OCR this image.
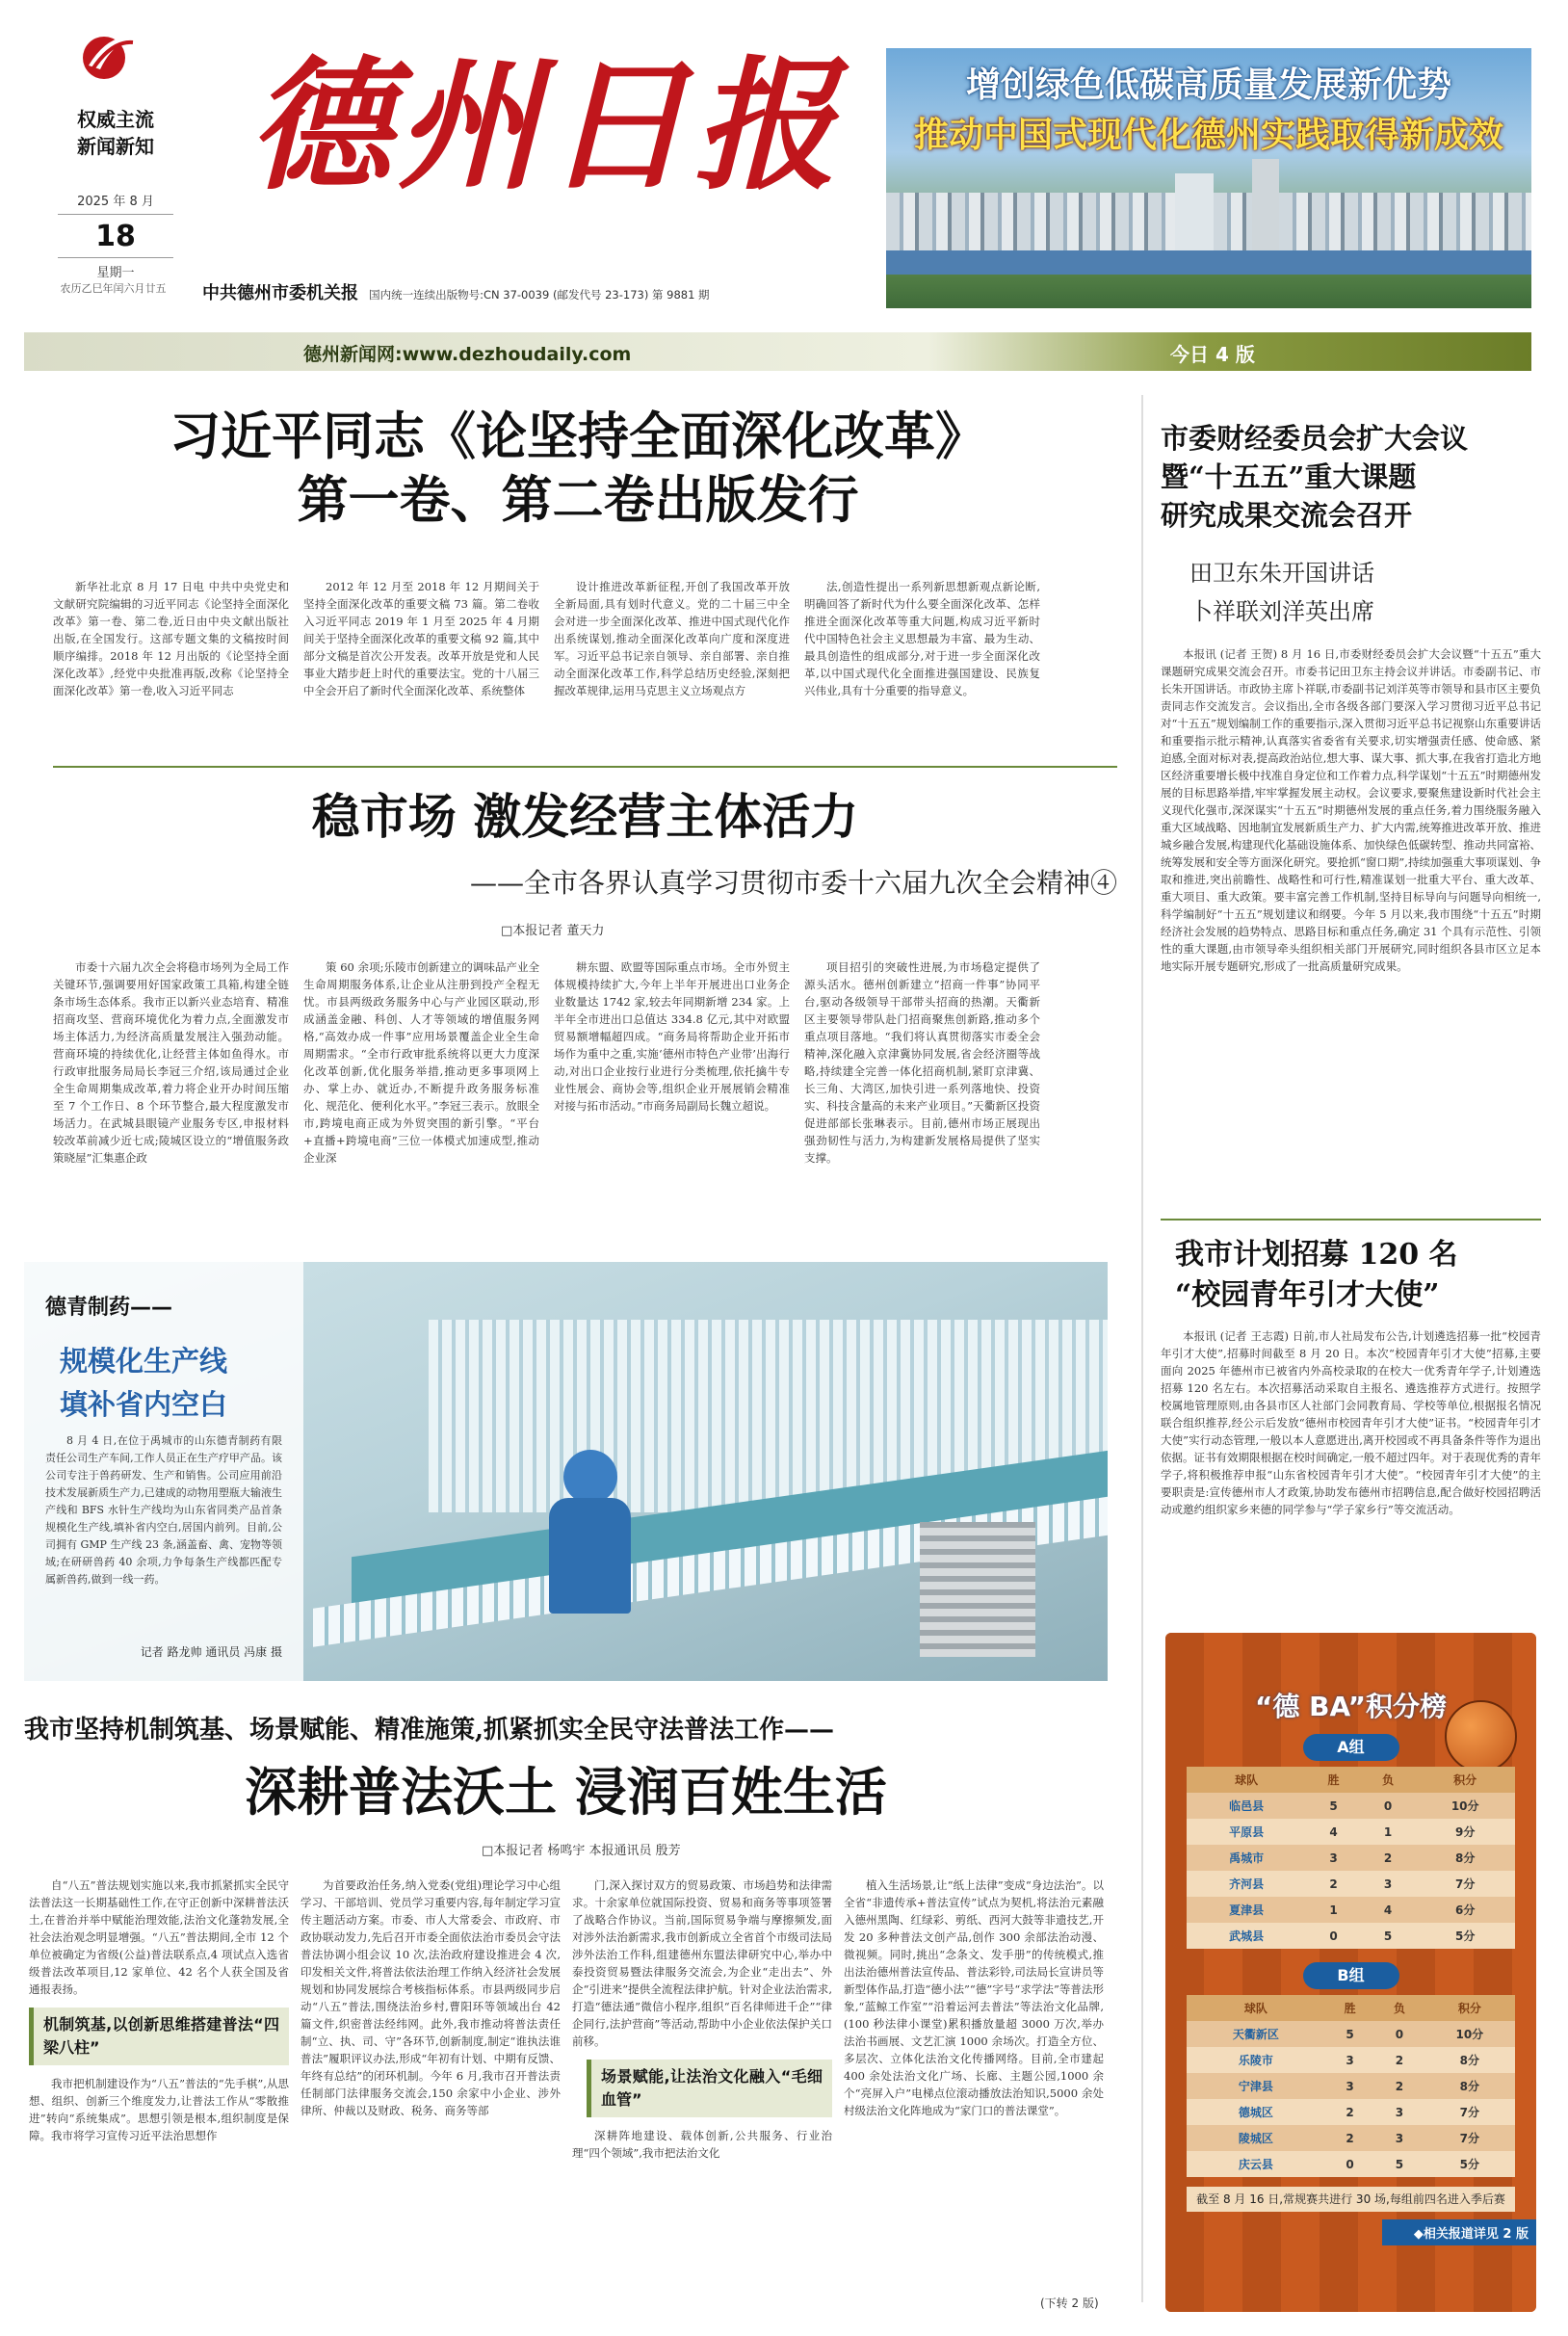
权威主流
新闻新知
2025 年 8 月
18
星期一
农历乙巳年闰六月廿五
德州日报
中共德州市委机关报 国内统一连续出版物号:CN 37-0039 (邮发代号 23-173) 第 9881 期
增创绿色低碳高质量发展新优势
推动中国式现代化德州实践取得新成效
德州新闻网:www.dezhoudaily.com	今日 4 版
习近平同志《论坚持全面深化改革》
第一卷、第二卷出版发行

新华社北京 8 月 17 日电 中共中央党史和文献研究院编辑的习近平同志《论坚持全面深化改革》第一卷、第二卷,近日由中央文献出版社出版,在全国发行。这部专题文集的文稿按时间顺序编排。2018 年 12 月出版的《论坚持全面深化改革》,经党中央批准再版,改称《论坚持全面深化改革》第一卷,收入习近平同志

2012 年 12 月至 2018 年 12 月期间关于坚持全面深化改革的重要文稿 73 篇。第二卷收入习近平同志 2019 年 1 月至 2025 年 4 月期间关于坚持全面深化改革的重要文稿 92 篇,其中部分文稿是首次公开发表。改革开放是党和人民事业大踏步赶上时代的重要法宝。党的十八届三中全会开启了新时代全面深化改革、系统整体

设计推进改革新征程,开创了我国改革开放全新局面,具有划时代意义。党的二十届三中全会对进一步全面深化改革、推进中国式现代化作出系统谋划,推动全面深化改革向广度和深度进军。习近平总书记亲自领导、亲自部署、亲自推动全面深化改革工作,科学总结历史经验,深刻把握改革规律,运用马克思主义立场观点方

法,创造性提出一系列新思想新观点新论断,明确回答了新时代为什么要全面深化改革、怎样推进全面深化改革等重大问题,构成习近平新时代中国特色社会主义思想最为丰富、最为生动、最具创造性的组成部分,对于进一步全面深化改革,以中国式现代化全面推进强国建设、民族复兴伟业,具有十分重要的指导意义。

稳市场 激发经营主体活力
——全市各界认真学习贯彻市委十六届九次全会精神④
□本报记者 董天力

市委十六届九次全会将稳市场列为全局工作关键环节,强调要用好国家政策工具箱,构建全链条市场生态体系。我市正以新兴业态培育、精准招商攻坚、营商环境优化为着力点,全面激发市场主体活力,为经济高质量发展注入强劲动能。营商环境的持续优化,让经营主体如鱼得水。市行政审批服务局局长李冠三介绍,该局通过企业全生命周期集成改革,着力将企业开办时间压缩至 7 个工作日、8 个环节整合,最大程度激发市场活力。在武城县眼镜产业服务专区,申报材料较改革前减少近七成;陵城区设立的“增值服务政策晓屋”汇集惠企政

策 60 余项;乐陵市创新建立的调味品产业全生命周期服务体系,让企业从注册到投产全程无忧。市县两级政务服务中心与产业园区联动,形成涵盖金融、科创、人才等领域的增值服务网格,“高效办成一件事”应用场景覆盖企业全生命周期需求。“全市行政审批系统将以更大力度深化改革创新,优化服务举措,推动更多事项网上办、掌上办、就近办,不断提升政务服务标准化、规范化、便利化水平。”李冠三表示。放眼全市,跨境电商正成为外贸突围的新引擎。“平台+直播+跨境电商”三位一体模式加速成型,推动企业深

耕东盟、欧盟等国际重点市场。全市外贸主体规模持续扩大,今年上半年开展进出口业务企业数量达 1742 家,较去年同期新增 234 家。上半年全市进出口总值达 334.8 亿元,其中对欧盟贸易额增幅超四成。“商务局将帮助企业开拓市场作为重中之重,实施‘德州市特色产业带’出海行动,对出口企业按行业进行分类梳理,依托擒牛专业性展会、商协会等,组织企业开展展销会精准对接与拓市活动。”市商务局副局长魏立超说。

项目招引的突破性进展,为市场稳定提供了源头活水。德州创新建立“招商一件事”协同平台,驱动各级领导干部带头招商的热潮。天衢新区主要领导带队赴门招商聚焦创新路,推动多个重点项目落地。“我们将认真贯彻落实市委全会精神,深化融入京津冀协同发展,省会经济圈等战略,持续建全完善一体化招商机制,紧盯京津冀、长三角、大湾区,加快引进一系列落地快、投资实、科技含量高的未来产业项目。”天衢新区投资促进部部长张琳表示。目前,德州市场正展现出强劲韧性与活力,为构建新发展格局提供了坚实支撑。

德青制药——
规模化生产线
填补省内空白
8 月 4 日,在位于禹城市的山东德青制药有限责任公司生产车间,工作人员正在生产疗甲产品。该公司专注于兽药研发、生产和销售。公司应用前沿技术发展新质生产力,已建成的动物用塑瓶大输液生产线和 BFS 水针生产线均为山东省同类产品首条规模化生产线,填补省内空白,居国内前列。目前,公司拥有 GMP 生产线 23 条,涵盖畜、禽、宠物等领域;在研研兽药 40 余项,力争每条生产线都匹配专属新兽药,做到一线一药。
记者 路龙帅 通讯员 冯康 摄
我市坚持机制筑基、场景赋能、精准施策,抓紧抓实全民守法普法工作——
深耕普法沃土 浸润百姓生活
□本报记者 杨鸣宇 本报通讯员 殷芳

自“八五”普法规划实施以来,我市抓紧抓实全民守法普法这一长期基础性工作,在守正创新中深耕普法沃土,在普治并举中赋能治理效能,法治文化蓬勃发展,全社会法治观念明显增强。“八五”普法期间,全市 12 个单位被确定为省级(公益)普法联系点,4 项试点入选省级普法改革项目,12 家单位、42 名个人获全国及省通报表扬。

机制筑基,以创新思维搭建普法“四梁八柱”

我市把机制建设作为“八五”普法的“先手棋”,从思想、组织、创新三个维度发力,让普法工作从“零散推进”转向“系统集成”。思想引领是根本,组织制度是保障。我市将学习宣传习近平法治思想作

为首要政治任务,纳入党委(党组)理论学习中心组学习、干部培训、党员学习重要内容,每年制定学习宣传主题活动方案。市委、市人大常委会、市政府、市政协联动发力,先后召开市委全面依法治市委员会守法普法协调小组会议 10 次,法治政府建设推进会 4 次,印发相关文件,将普法依法治理工作纳入经济社会发展规划和协同发展综合考核指标体系。市县两级同步启动“八五”普法,围绕法治乡村,曹阳环等领域出台 42 篇文件,织密普法经纬网。此外,我市推动将普法责任制“立、执、司、守”各环节,创新制度,制定“谁执法谁普法”履职评议办法,形成“年初有计划、中期有反馈、年终有总结”的闭环机制。今年 6 月,我市召开普法责任制部门法律服务交流会,150 余家中小企业、涉外律所、仲裁以及财政、税务、商务等部

门,深入探讨双方的贸易政策、市场趋势和法律需求。十余家单位就国际投资、贸易和商务等事项签署了战略合作协议。当前,国际贸易争端与摩擦频发,面对涉外法治新需求,我市创新成立全省首个市级司法局涉外法治工作科,组建德州东盟法律研究中心,举办中泰投资贸易暨法律服务交流会,为企业“走出去”、外企“引进来”提供全流程法律护航。针对企业法治需求,打造“德法通”微信小程序,组织“百名律师进千企”“律企同行,法护营商”等活动,帮助中小企业依法保护关口前移。

场景赋能,让法治文化融入“毛细血管”

深耕阵地建设、载体创新,公共服务、行业治理“四个领域”,我市把法治文化

植入生活场景,让“纸上法律”变成“身边法治”。以全省“非遗传承+普法宣传”试点为契机,将法治元素融入德州黑陶、红绿彩、剪纸、西河大鼓等非遗技艺,开发 20 多种普法文创产品,创作 300 余部法治动漫、微视频。同时,挑出“念条文、发手册”的传统模式,推出法治德州普法宣传品、普法彩铃,司法局长宣讲员等新型体作品,打造“德小法”“德”字号“求学法”等普法形象,“蓝鲸工作室”“沿着运河去普法”等法治文化品牌,(100 秒法律小课堂)累积播放量超 3000 万次,举办法治书画展、文艺汇演 1000 余场次。打造全方位、多层次、立体化法治文化传播网络。目前,全市建起 400 余处法治文化广场、长廊、主题公园,1000 余个“亮屏入户”电梯点位滚动播放法治知识,5000 余处村级法治文化阵地成为“家门口的普法课堂”。

(下转 2 版)
市委财经委员会扩大会议
暨“十五五”重大课题
研究成果交流会召开
田卫东朱开国讲话
卜祥联刘洋英出席

本报讯 (记者 王贺) 8 月 16 日,市委财经委员会扩大会议暨“十五五”重大课题研究成果交流会召开。市委书记田卫东主持会议并讲话。市委副书记、市长朱开国讲话。市政协主席卜祥联,市委副书记刘洋英等市领导和县市区主要负责同志作交流发言。会议指出,全市各级各部门要深入学习贯彻习近平总书记对“十五五”规划编制工作的重要指示,深入贯彻习近平总书记视察山东重要讲话和重要指示批示精神,认真落实省委省有关要求,切实增强责任感、使命感、紧迫感,全面对标对表,提高政治站位,想大事、谋大事、抓大事,在我省打造北方地区经济重要增长极中找准自身定位和工作着力点,科学谋划“十五五”时期德州发展的目标思路举措,牢牢掌握发展主动权。会议要求,要聚焦建设新时代社会主义现代化强市,深深谋实“十五五”时期德州发展的重点任务,着力围绕服务融入重大区域战略、因地制宜发展新质生产力、扩大内需,统筹推进改革开放、推进城乡融合发展,构建现代化基础设施体系、加快绿色低碳转型、推动共同富裕、统筹发展和安全等方面深化研究。要抢抓“窗口期”,持续加强重大事项谋划、争取和推进,突出前瞻性、战略性和可行性,精准谋划一批重大平台、重大改革、重大项目、重大政策。要丰富完善工作机制,坚持目标导向与问题导向相统一,科学编制好“十五五”规划建议和纲要。今年 5 月以来,我市围绕“十五五”时期经济社会发展的趋势特点、思路目标和重点任务,确定 31 个具有示范性、引领性的重大课题,由市领导牵头组织相关部门开展研究,同时组织各县市区立足本地实际开展专题研究,形成了一批高质量研究成果。

我市计划招募 120 名
“校园青年引才大使”

本报讯 (记者 王志霞) 日前,市人社局发布公告,计划遴选招募一批“校园青年引才大使”,招募时间截至 8 月 20 日。本次“校园青年引才大使”招募,主要面向 2025 年德州市已被省内外高校录取的在校大一优秀青年学子,计划遴选招募 120 名左右。本次招募活动采取自主报名、遴选推荐方式进行。按照学校属地管理原则,由各县市区人社部门会同教育局、学校等单位,根据报名情况联合组织推荐,经公示后发放“德州市校园青年引才大使”证书。“校园青年引才大使”实行动态管理,一般以本人意愿进出,离开校园或不再具备条件等作为退出依据。证书有效期限根据在校时间确定,一般不超过四年。对于表现优秀的青年学子,将积极推荐申报“山东省校园青年引才大使”。“校园青年引才大使”的主要职责是:宣传德州市人才政策,协助发布德州市招聘信息,配合做好校园招聘活动或邀约组织家乡来德的同学参与“学子家乡行”等交流活动。

“德 BA”积分榜
A组
球队	胜	负	积分
临邑县	5	0	10分
平原县	4	1	9分
禹城市	3	2	8分
齐河县	2	3	7分
夏津县	1	4	6分
武城县	0	5	5分
B组
球队	胜	负	积分
天衢新区	5	0	10分
乐陵市	3	2	8分
宁津县	3	2	8分
德城区	2	3	7分
陵城区	2	3	7分
庆云县	0	5	5分
截至 8 月 16 日,常规赛共进行 30 场,每组前四名进入季后赛
◆相关报道详见 2 版
